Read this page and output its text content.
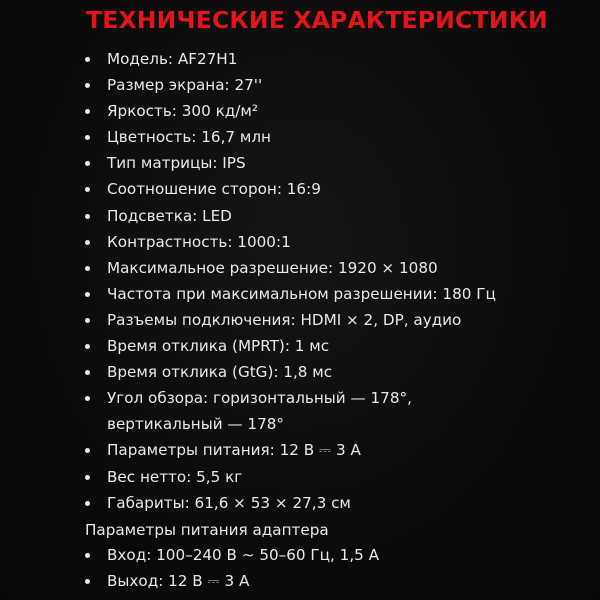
ТЕХНИЧЕСКИЕ ХАРАКТЕРИСТИКИ
Модель: AF27H1
Размер экрана: 27''
Яркость: 300 кд/м²
Цветность: 16,7 млн
Тип матрицы: IPS
Соотношение сторон: 16:9
Подсветка: LED
Контрастность: 1000:1
Максимальное разрешение: 1920 × 1080
Частота при максимальном разрешении: 180 Гц
Разъемы подключения: HDMI × 2, DP, аудио
Время отклика (MPRT): 1 мс
Время отклика (GtG): 1,8 мс
Угол обзора: горизонтальный — 178°,
вертикальный — 178°
Параметры питания: 12 В ⎓ 3 А
Вес нетто: 5,5 кг
Габариты: 61,6 × 53 × 27,3 см
Параметры питания адаптера
Вход: 100–240 В ∼ 50–60 Гц, 1,5 А
Выход: 12 В ⎓ 3 А
